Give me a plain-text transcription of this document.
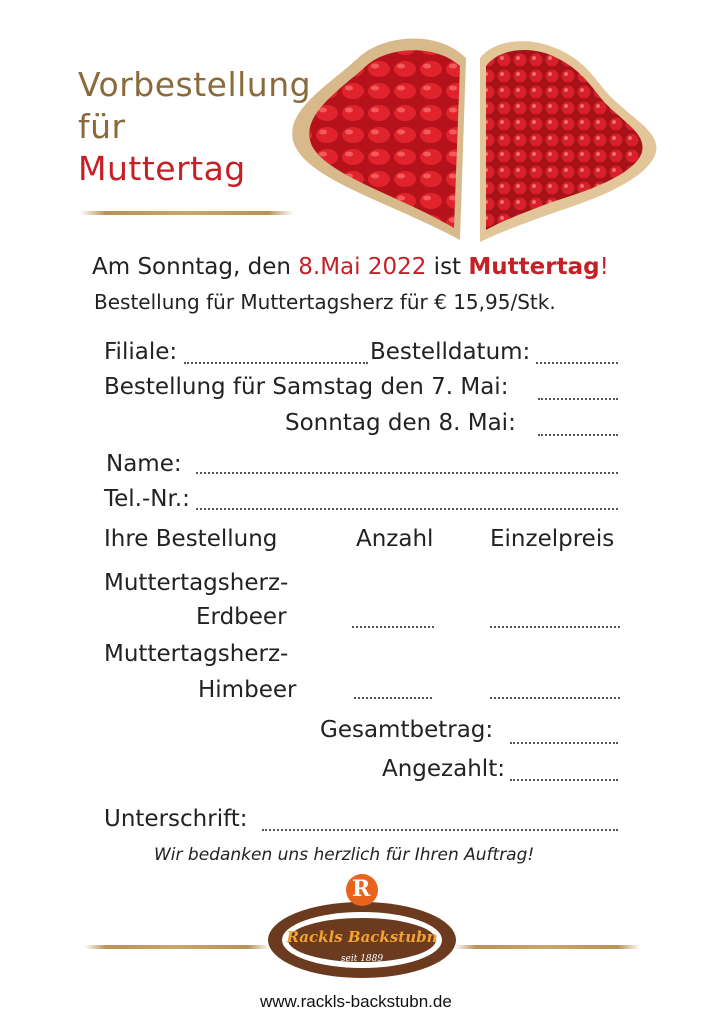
Vorbestellung
für
Muttertag
Am Sonntag, den 8.Mai 2022 ist Muttertag!
Bestellung für Muttertagsherz für € 15,95/Stk.
Filiale:	Bestelldatum:
Bestellung für Samstag den 7. Mai:
Sonntag den 8. Mai:
Name:
Tel.-Nr.:
Ihre Bestellung	Anzahl Einzelpreis
Muttertagsherz-
Erdbeer
Muttertagsherz-
Himbeer
Gesamtbetrag:
Angezahlt:
Unterschrift:
Wir bedanken uns herzlich für Ihren Auftrag!
R
Rackls Backstubn
seit 1889
www.rackls-backstubn.de
